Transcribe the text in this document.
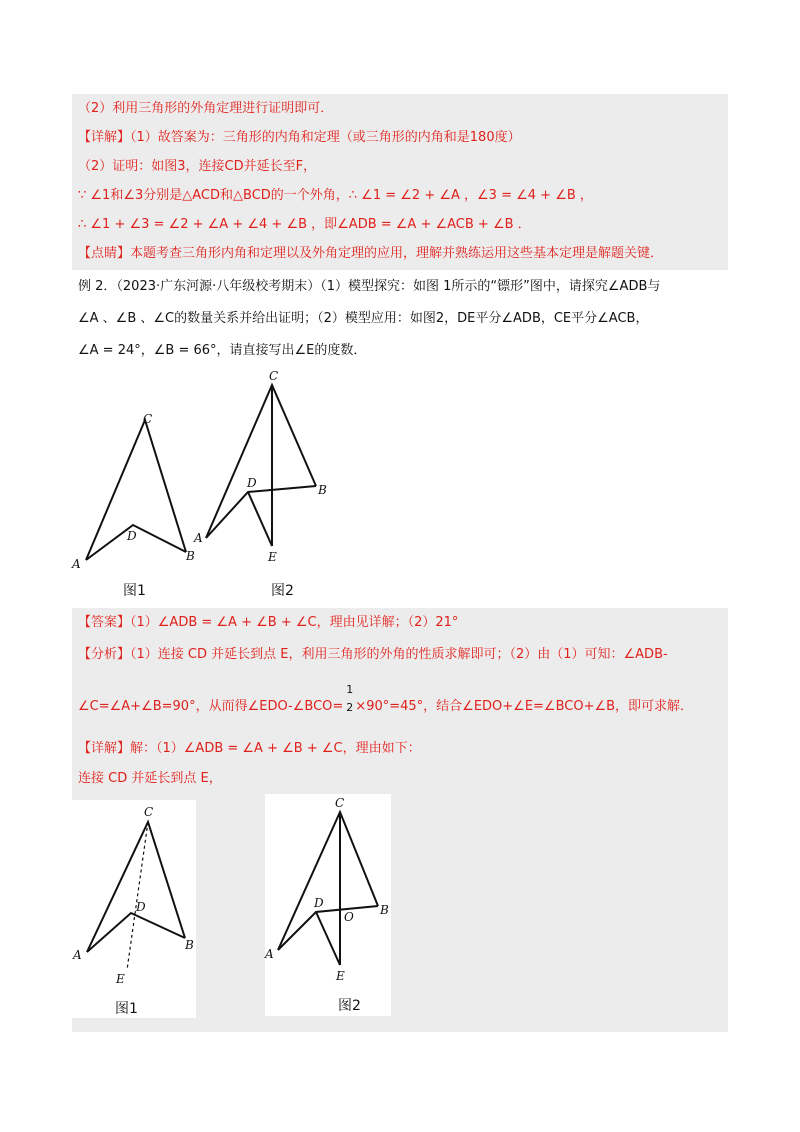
（2）利用三角形的外角定理进行证明即可．
【详解】（1）故答案为：三角形的内角和定理（或三角形的内角和是180度）
（2）证明：如图3，连接CD并延长至F，
∵ ∠1和∠3分别是△ACD和△BCD的一个外角，∴ ∠1 = ∠2 + ∠A ，∠3 = ∠4 + ∠B ，
∴ ∠1 + ∠3 = ∠2 + ∠A + ∠4 + ∠B ，即∠ADB = ∠A + ∠ACB + ∠B ．
【点睛】本题考查三角形内角和定理以及外角定理的应用，理解并熟练运用这些基本定理是解题关键．
例 2．（2023·广东河源·八年级校考期末）（1）模型探究：如图 1所示的“镖形”图中，请探究∠ADB与
∠A 、∠B 、∠C的数量关系并给出证明；（2）模型应用：如图2，DE平分∠ADB，CE平分∠ACB，
∠A = 24°，∠B = 66°，请直接写出∠E的度数．
C
D
A
B
图1
C
D	B
A
E
图2
【答案】（1）∠ADB = ∠A + ∠B + ∠C，理由见详解；（2）21°
【分析】（1）连接 CD 并延长到点 E，利用三角形的外角的性质求解即可；（2）由（1）可知：∠ADB-
∠C=∠A+∠B=90°，从而得∠EDO-∠BCO=
1
2 ×90°=45°，结合∠EDO+∠E=∠BCO+∠B，即可求解．
【详解】解：（1）∠ADB = ∠A + ∠B + ∠C，理由如下：
连接 CD 并延长到点 E，
C
D
A
B
E
图1
C
D
O B
A
E
图2
